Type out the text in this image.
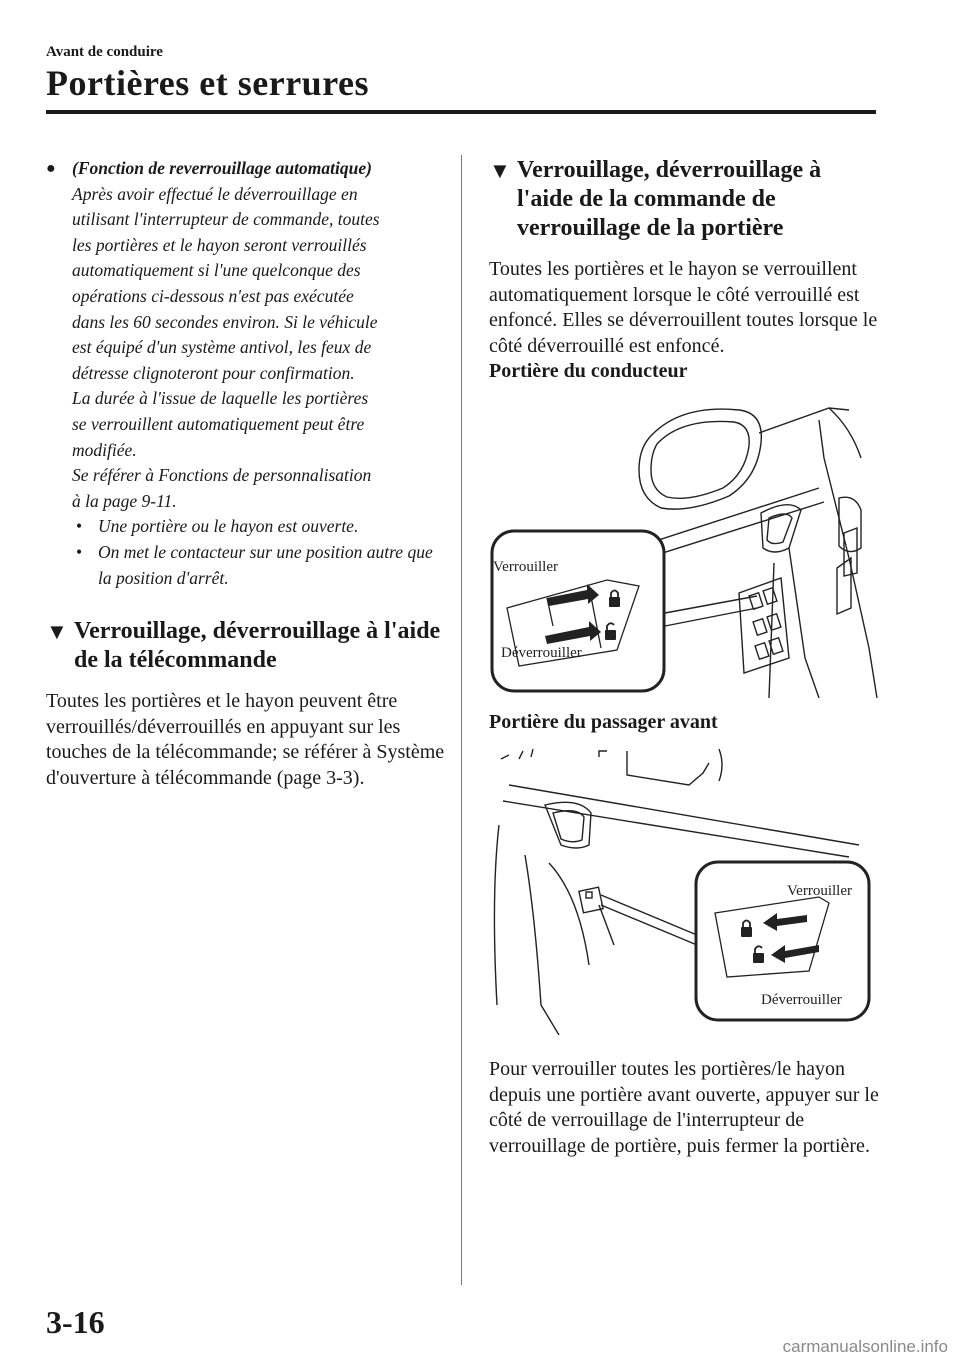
Avant de conduire
Portières et serrures
● (Fonction de reverrouillage automatique)

Après avoir effectué le déverrouillage en

utilisant l'interrupteur de commande, toutes

les portières et le hayon seront verrouillés

automatiquement si l'une quelconque des

opérations ci-dessous n'est pas exécutée

dans les 60 secondes environ. Si le véhicule

est équipé d'un système antivol, les feux de

détresse clignoteront pour confirmation.

La durée à l'issue de laquelle les portières

se verrouillent automatiquement peut être

modifiée.

Se référer à Fonctions de personnalisation

à la page 9-11.

• Une portière ou le hayon est ouverte.
• On met le contacteur sur une position autre que la position d'arrêt.
▼ Verrouillage, déverrouillage à l'aide de la télécommande

Toutes les portières et le hayon peuvent être verrouillés/déverrouillés en appuyant sur les touches de la télécommande; se référer à Système d'ouverture à télécommande (page 3-3).

▼ Verrouillage, déverrouillage à l'aide de la commande de verrouillage de la portière

Toutes les portières et le hayon se verrouillent automatiquement lorsque le côté verrouillé est enfoncé. Elles se déverrouillent toutes lorsque le côté déverrouillé est enfoncé.

Portière du conducteur
Verrouiller
Déverrouiller
Portière du passager avant
Verrouiller
Déverrouiller

Pour verrouiller toutes les portières/le hayon depuis une portière avant ouverte, appuyer sur le côté de verrouillage de l'interrupteur de verrouillage de portière, puis fermer la portière.

3-16
carmanualsonline.info
